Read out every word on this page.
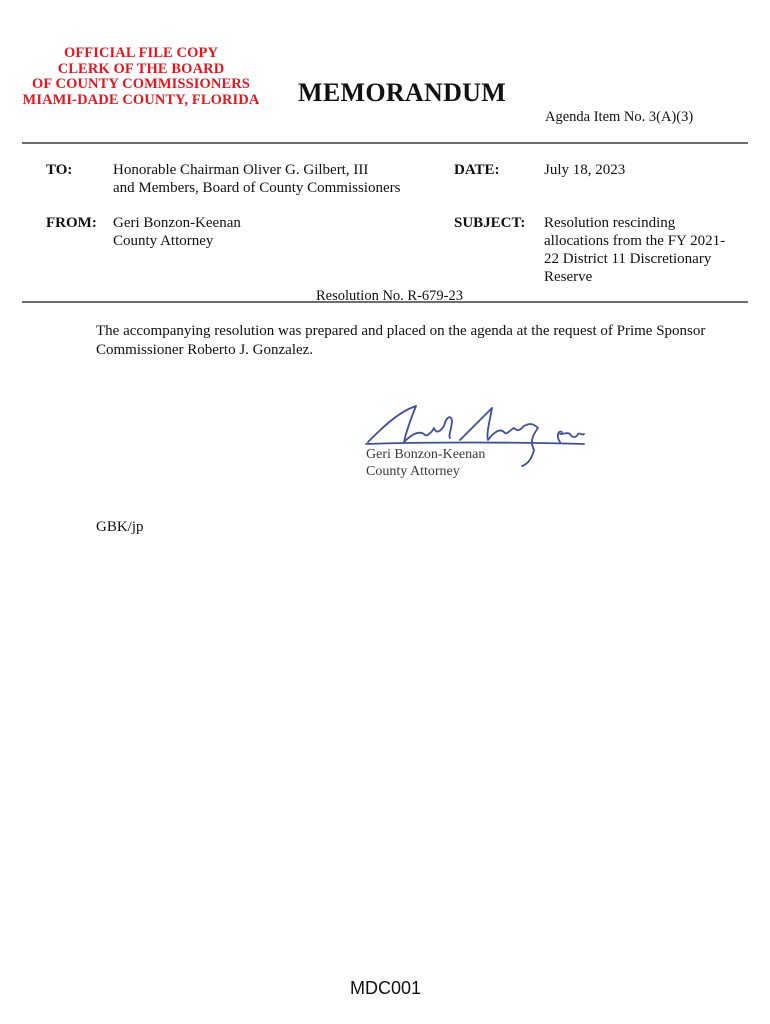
OFFICIAL FILE COPY
CLERK OF THE BOARD
OF COUNTY COMMISSIONERS
MIAMI-DADE COUNTY, FLORIDA	MEMORANDUM
Agenda Item No. 3(A)(3)
TO:	Honorable Chairman Oliver G. Gilbert, III
and Members, Board of County Commissioners
DATE:	July 18, 2023
FROM: Geri Bonzon-Keenan
County Attorney
SUBJECT: Resolution rescinding
allocations from the FY 2021-
22 District 11 Discretionary
Reserve
Resolution No. R-679-23
The accompanying resolution was prepared and placed on the agenda at the request of Prime Sponsor
Commissioner Roberto J. Gonzalez.
Geri Bonzon-Keenan
County Attorney
GBK/jp
MDC001
